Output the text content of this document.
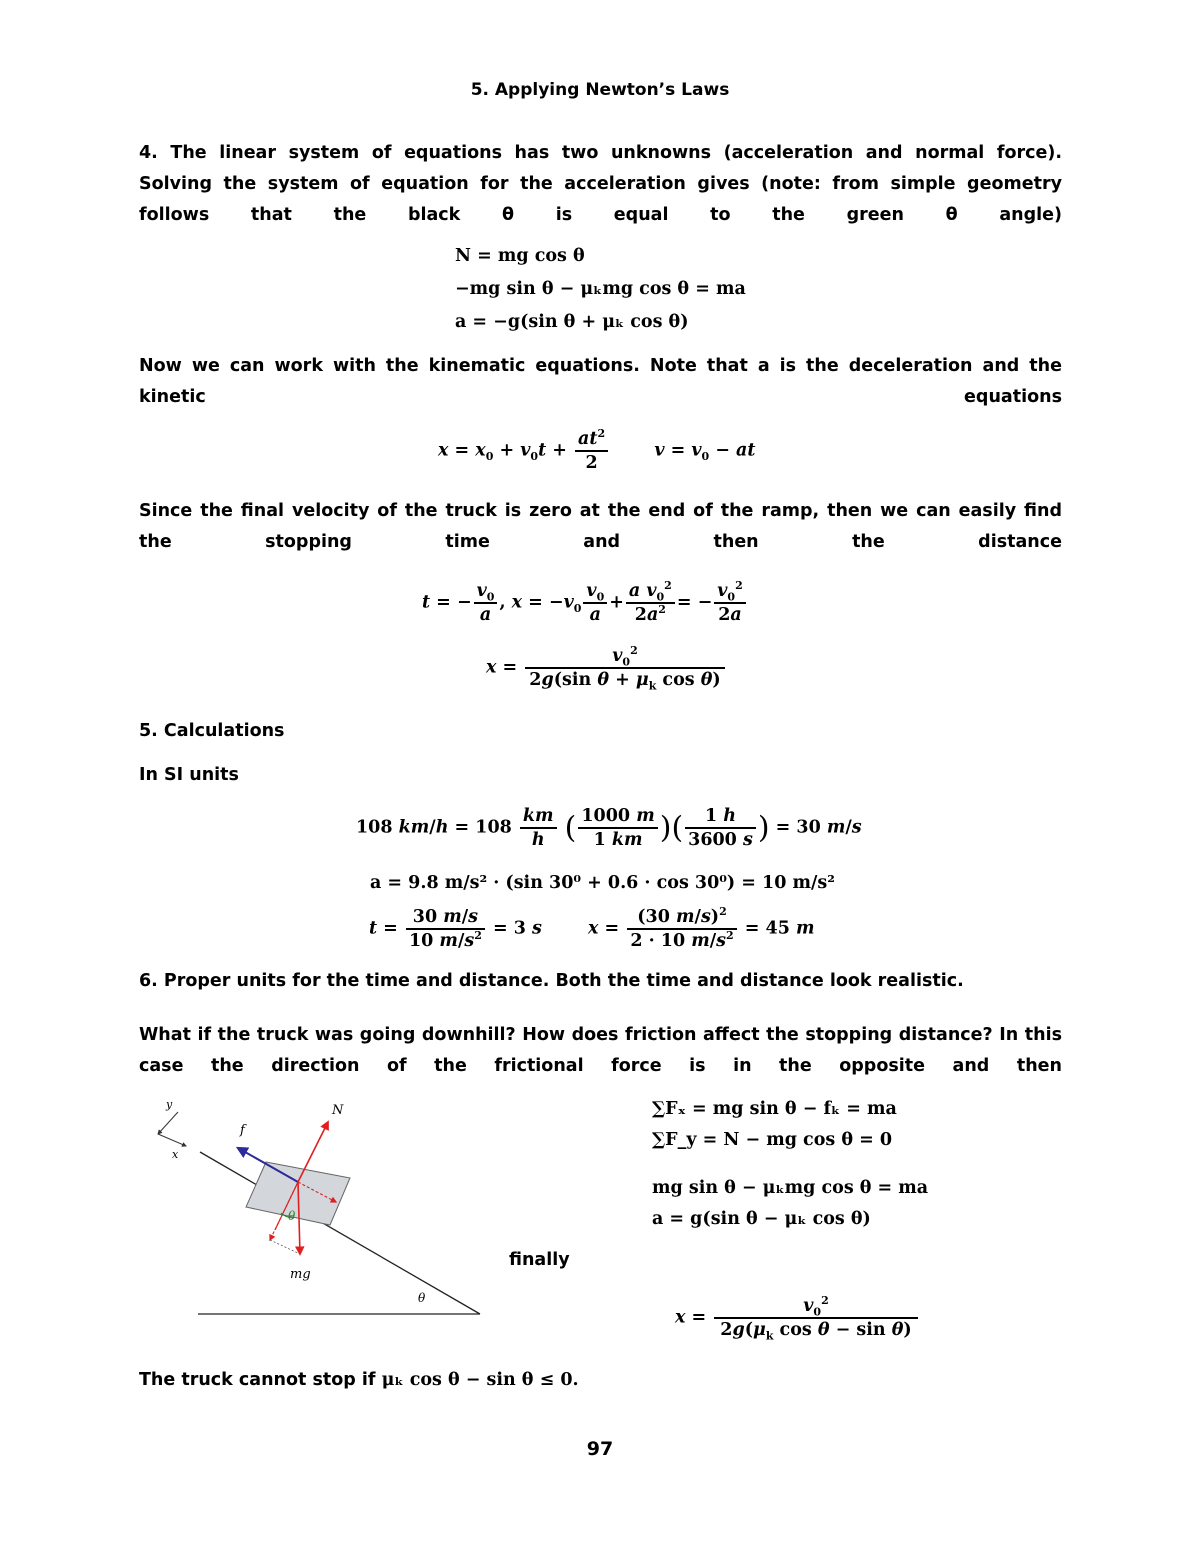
5. Applying Newton’s Laws
4. The linear system of equations has two unknowns (acceleration and normal force). Solving the system of equation for the acceleration gives (note: from simple geometry follows that the black θ is equal to the green θ angle)
N = mg cos θ
−mg sin θ − μₖmg cos θ = ma
a = −g(sin θ + μₖ cos θ)
Now we can work with the kinematic equations. Note that a is the deceleration and the kinetic equations
$x = x_0 + v_0t + \frac{at^2}{2}$	$v = v_0$ − at
Since the final velocity of the truck is zero at the end of the ramp, then we can easily find the stopping time and then the distance
t = − $\frac{v_0}{a}$ , $x = -v_0 \frac{v_0}{a} + \frac{a v_0^2}{2a^2}$ = − $\frac{v_0^2}{2a}$
$x = \frac{v_0^2}{2g(\sin \theta + \mu_k \cos \theta)}$
5. Calculations
In SI units
108 $km/h = 108 \frac{km}{h}$ ( $\frac{1000 m}{1 km}$ )( $\frac{1 h}{3600 s}$ ) = 30 m/s
a = 9.8 m/s² · (sin 30⁰ + 0.6 · cos 30⁰) = 10 m/s²
$t = \frac{30 m/s}{10 m/s^2} = 3$ s	$x = \frac{(30 m/s)^2}{2 \cdot 10 m/s^2} = 45$ m
6. Proper units for the time and distance. Both the time and distance look realistic.
What if the truck was going downhill? How does friction affect the stopping distance? In this case the direction of the frictional force is in the opposite and then
y
x
θ
f
N
mg
θ
∑Fₓ = mg sin θ − fₖ = ma
∑F_y = N − mg cos θ = 0
mg sin θ − μₖmg cos θ = ma
a = g(sin θ − μₖ cos θ)
finally
$x = \frac{v_0^2}{2g(\mu_k \cos \theta - \sin \theta)}$
The truck cannot stop if μₖ cos θ − sin θ ≤ 0.
97
